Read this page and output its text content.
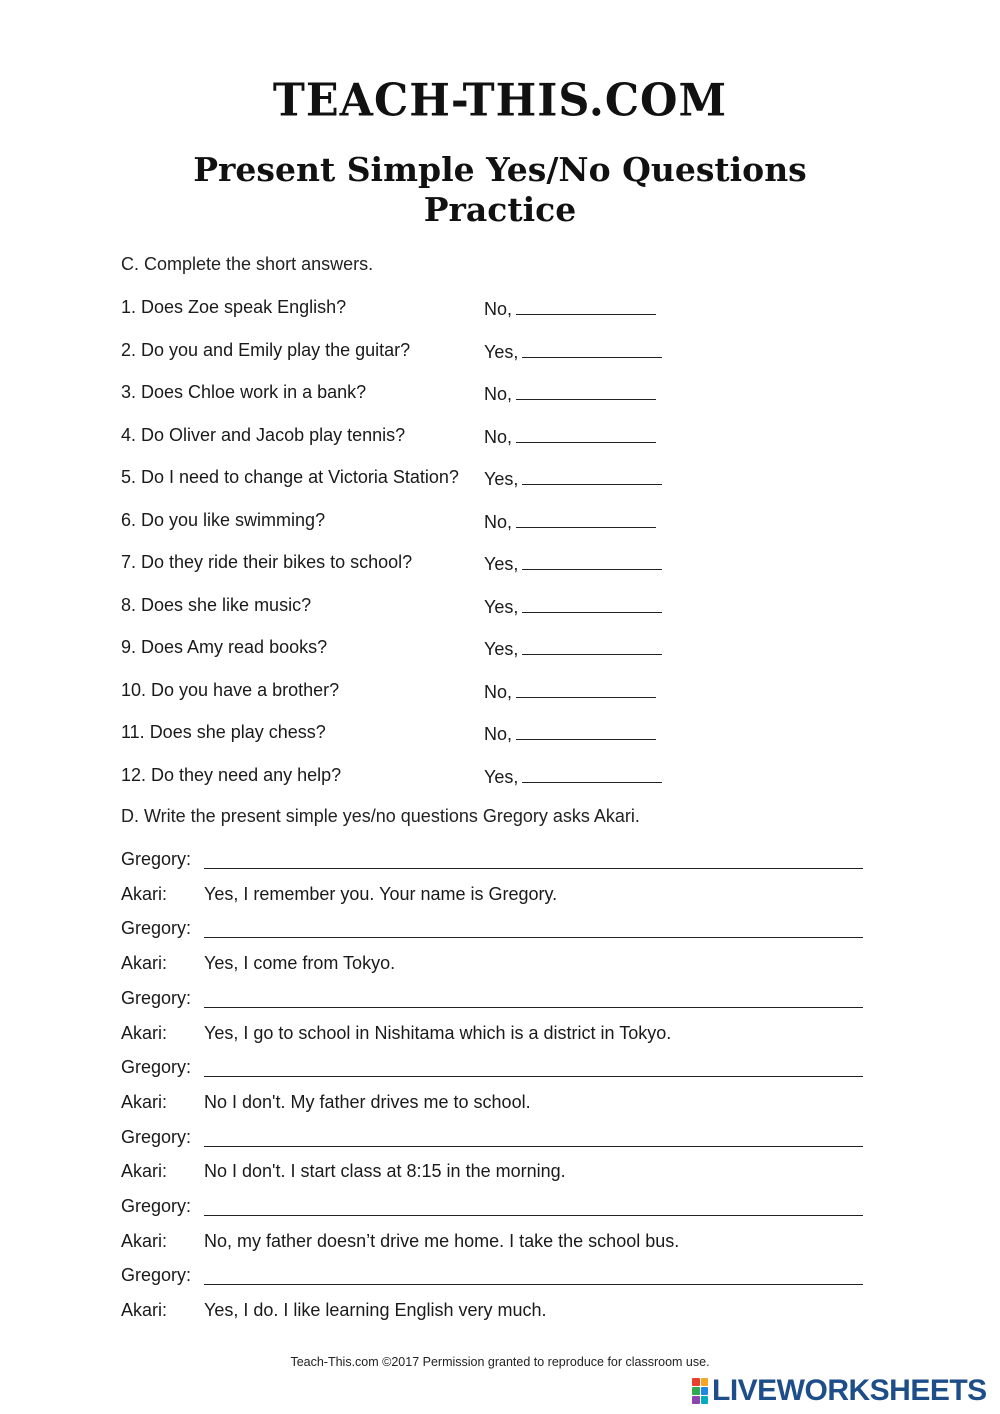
TEACH-THIS.COM
Present Simple Yes/No Questions
Practice
C. Complete the short answers.
1. Does Zoe speak English?	No,
2. Do you and Emily play the guitar?	Yes,
3. Does Chloe work in a bank?	No,
4. Do Oliver and Jacob play tennis?	No,
5. Do I need to change at Victoria Station? Yes,
6. Do you like swimming?	No,
7. Do they ride their bikes to school?	Yes,
8. Does she like music?	Yes,
9. Does Amy read books?	Yes,
10. Do you have a brother?	No,
11. Does she play chess?	No,
12. Do they need any help?	Yes,
D. Write the present simple yes/no questions Gregory asks Akari.
Gregory:
Akari: Yes, I remember you. Your name is Gregory.
Gregory:
Akari: Yes, I come from Tokyo.
Gregory:
Akari: Yes, I go to school in Nishitama which is a district in Tokyo.
Gregory:
Akari: No I don't. My father drives me to school.
Gregory:
Akari: No I don't. I start class at 8:15 in the morning.
Gregory:
Akari: No, my father doesn’t drive me home. I take the school bus.
Gregory:
Akari: Yes, I do. I like learning English very much.
Teach-This.com ©2017 Permission granted to reproduce for classroom use.
LIVEWORKSHEETS
